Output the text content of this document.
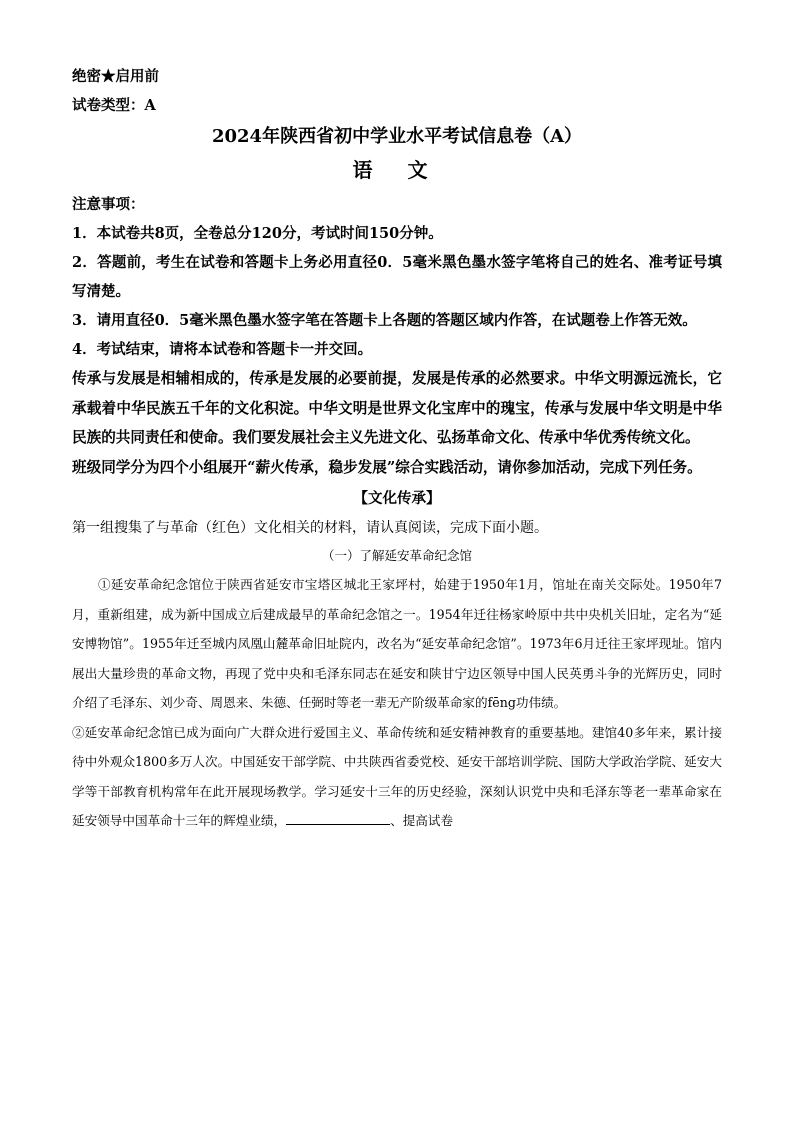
绝密★启用前
试卷类型：A
2024年陕西省初中学业水平考试信息卷（A）
语 文
注意事项：
1．本试卷共8页，全卷总分120分，考试时间150分钟。
2．答题前，考生在试卷和答题卡上务必用直径0．5毫米黑色墨水签字笔将自己的姓名、准考证号填写清楚。
3．请用直径0．5毫米黑色墨水签字笔在答题卡上各题的答题区域内作答，在试题卷上作答无效。
4．考试结束，请将本试卷和答题卡一并交回。
传承与发展是相辅相成的，传承是发展的必要前提，发展是传承的必然要求。中华文明源远流长，它承载着中华民族五千年的文化积淀。中华文明是世界文化宝库中的瑰宝，传承与发展中华文明是中华民族的共同责任和使命。我们要发展社会主义先进文化、弘扬革命文化、传承中华优秀传统文化。
班级同学分为四个小组展开“薪火传承，稳步发展”综合实践活动，请你参加活动，完成下列任务。
【文化传承】
第一组搜集了与革命（红色）文化相关的材料，请认真阅读，完成下面小题。
（一）了解延安革命纪念馆
①延安革命纪念馆位于陕西省延安市宝塔区城北王家坪村，始建于1950年1月，馆址在南关交际处。1950年7月，重新组建，成为新中国成立后建成最早的革命纪念馆之一。1954年迁往杨家岭原中共中央机关旧址，定名为“延安博物馆”。1955年迁至城内凤凰山麓革命旧址院内，改名为“延安革命纪念馆”。1973年6月迁往王家坪现址。馆内展出大量珍贵的革命文物，再现了党中央和毛泽东同志在延安和陕甘宁边区领导中国人民英勇斗争的光辉历史，同时介绍了毛泽东、刘少奇、周恩来、朱德、任弼时等老一辈无产阶级革命家的fēng功伟绩。
②延安革命纪念馆已成为面向广大群众进行爱国主义、革命传统和延安精神教育的重要基地。建馆40多年来，累计接待中外观众1800多万人次。中国延安干部学院、中共陕西省委党校、延安干部培训学院、国防大学政治学院、延安大学等干部教育机构常年在此开展现场教学。学习延安十三年的历史经验，深刻认识党中央和毛泽东等老一辈革命家在延安领导中国革命十三年的辉煌业绩，	、提高试卷
